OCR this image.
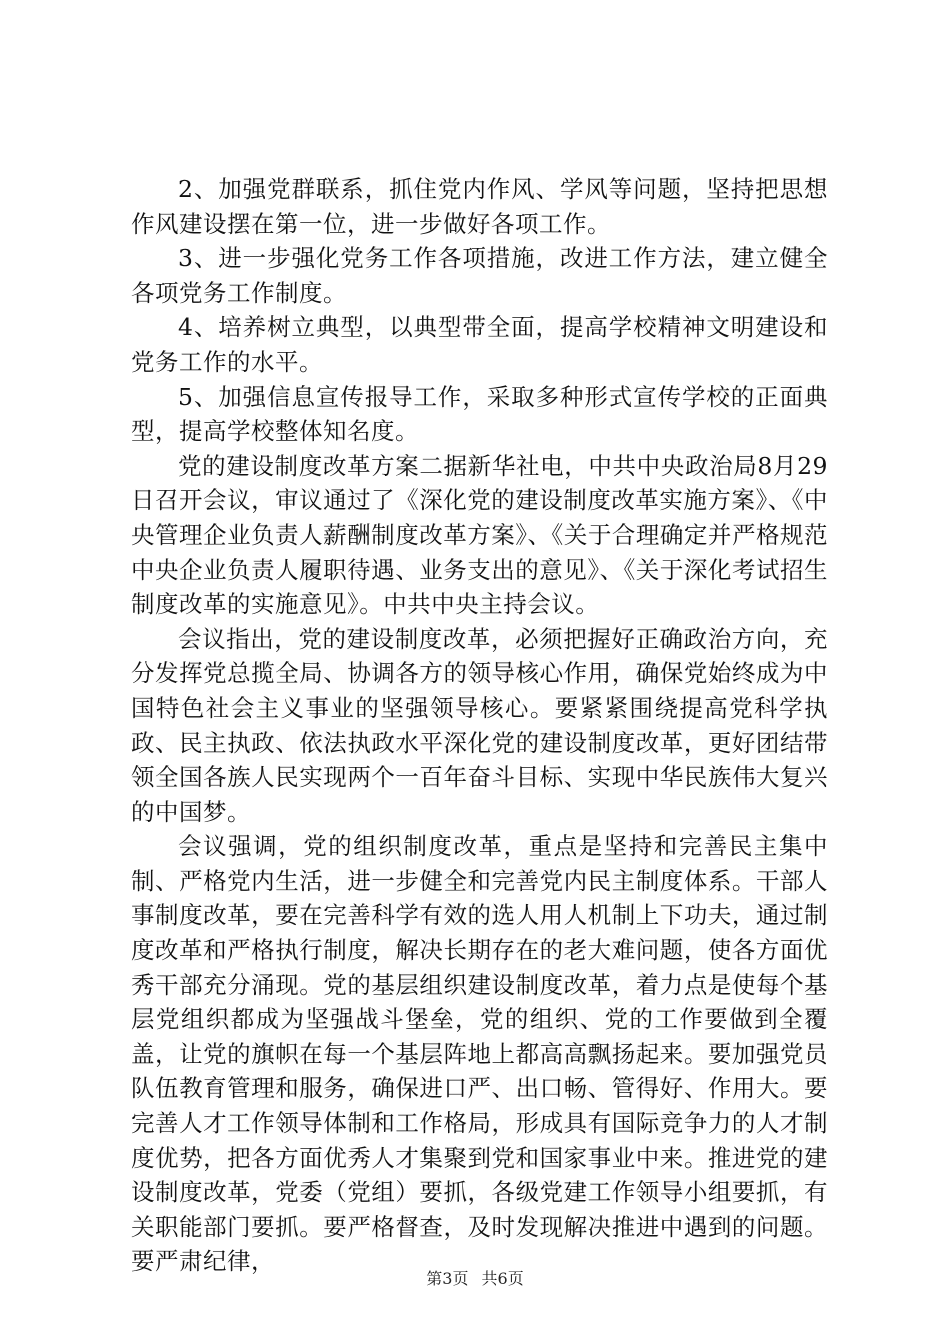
2、加强党群联系，抓住党内作风、学风等问题，坚持把思想作风建设摆在第一位，进一步做好各项工作。

3、进一步强化党务工作各项措施，改进工作方法，建立健全各项党务工作制度。

4、培养树立典型，以典型带全面，提高学校精神文明建设和党务工作的水平。

5、加强信息宣传报导工作，采取多种形式宣传学校的正面典型，提高学校整体知名度。

党的建设制度改革方案二据新华社电，中共中央政治局8月29日召开会议，审议通过了《深化党的建设制度改革实施方案》、《中央管理企业负责人薪酬制度改革方案》、《关于合理确定并严格规范中央企业负责人履职待遇、业务支出的意见》、《关于深化考试招生制度改革的实施意见》。中共中央主持会议。

会议指出，党的建设制度改革，必须把握好正确政治方向，充分发挥党总揽全局、协调各方的领导核心作用，确保党始终成为中国特色社会主义事业的坚强领导核心。要紧紧围绕提高党科学执政、民主执政、依法执政水平深化党的建设制度改革，更好团结带领全国各族人民实现两个一百年奋斗目标、实现中华民族伟大复兴的中国梦。

会议强调，党的组织制度改革，重点是坚持和完善民主集中制、严格党内生活，进一步健全和完善党内民主制度体系。干部人事制度改革，要在完善科学有效的选人用人机制上下功夫，通过制度改革和严格执行制度，解决长期存在的老大难问题，使各方面优秀干部充分涌现。党的基层组织建设制度改革，着力点是使每个基层党组织都成为坚强战斗堡垒，党的组织、党的工作要做到全覆盖，让党的旗帜在每一个基层阵地上都高高飘扬起来。要加强党员队伍教育管理和服务，确保进口严、出口畅、管得好、作用大。要完善人才工作领导体制和工作格局，形成具有国际竞争力的人才制度优势，把各方面优秀人才集聚到党和国家事业中来。推进党的建设制度改革，党委（党组）要抓，各级党建工作领导小组要抓，有关职能部门要抓。要严格督查，及时发现解决推进中遇到的问题。要严肃纪律，

第3页 共6页
